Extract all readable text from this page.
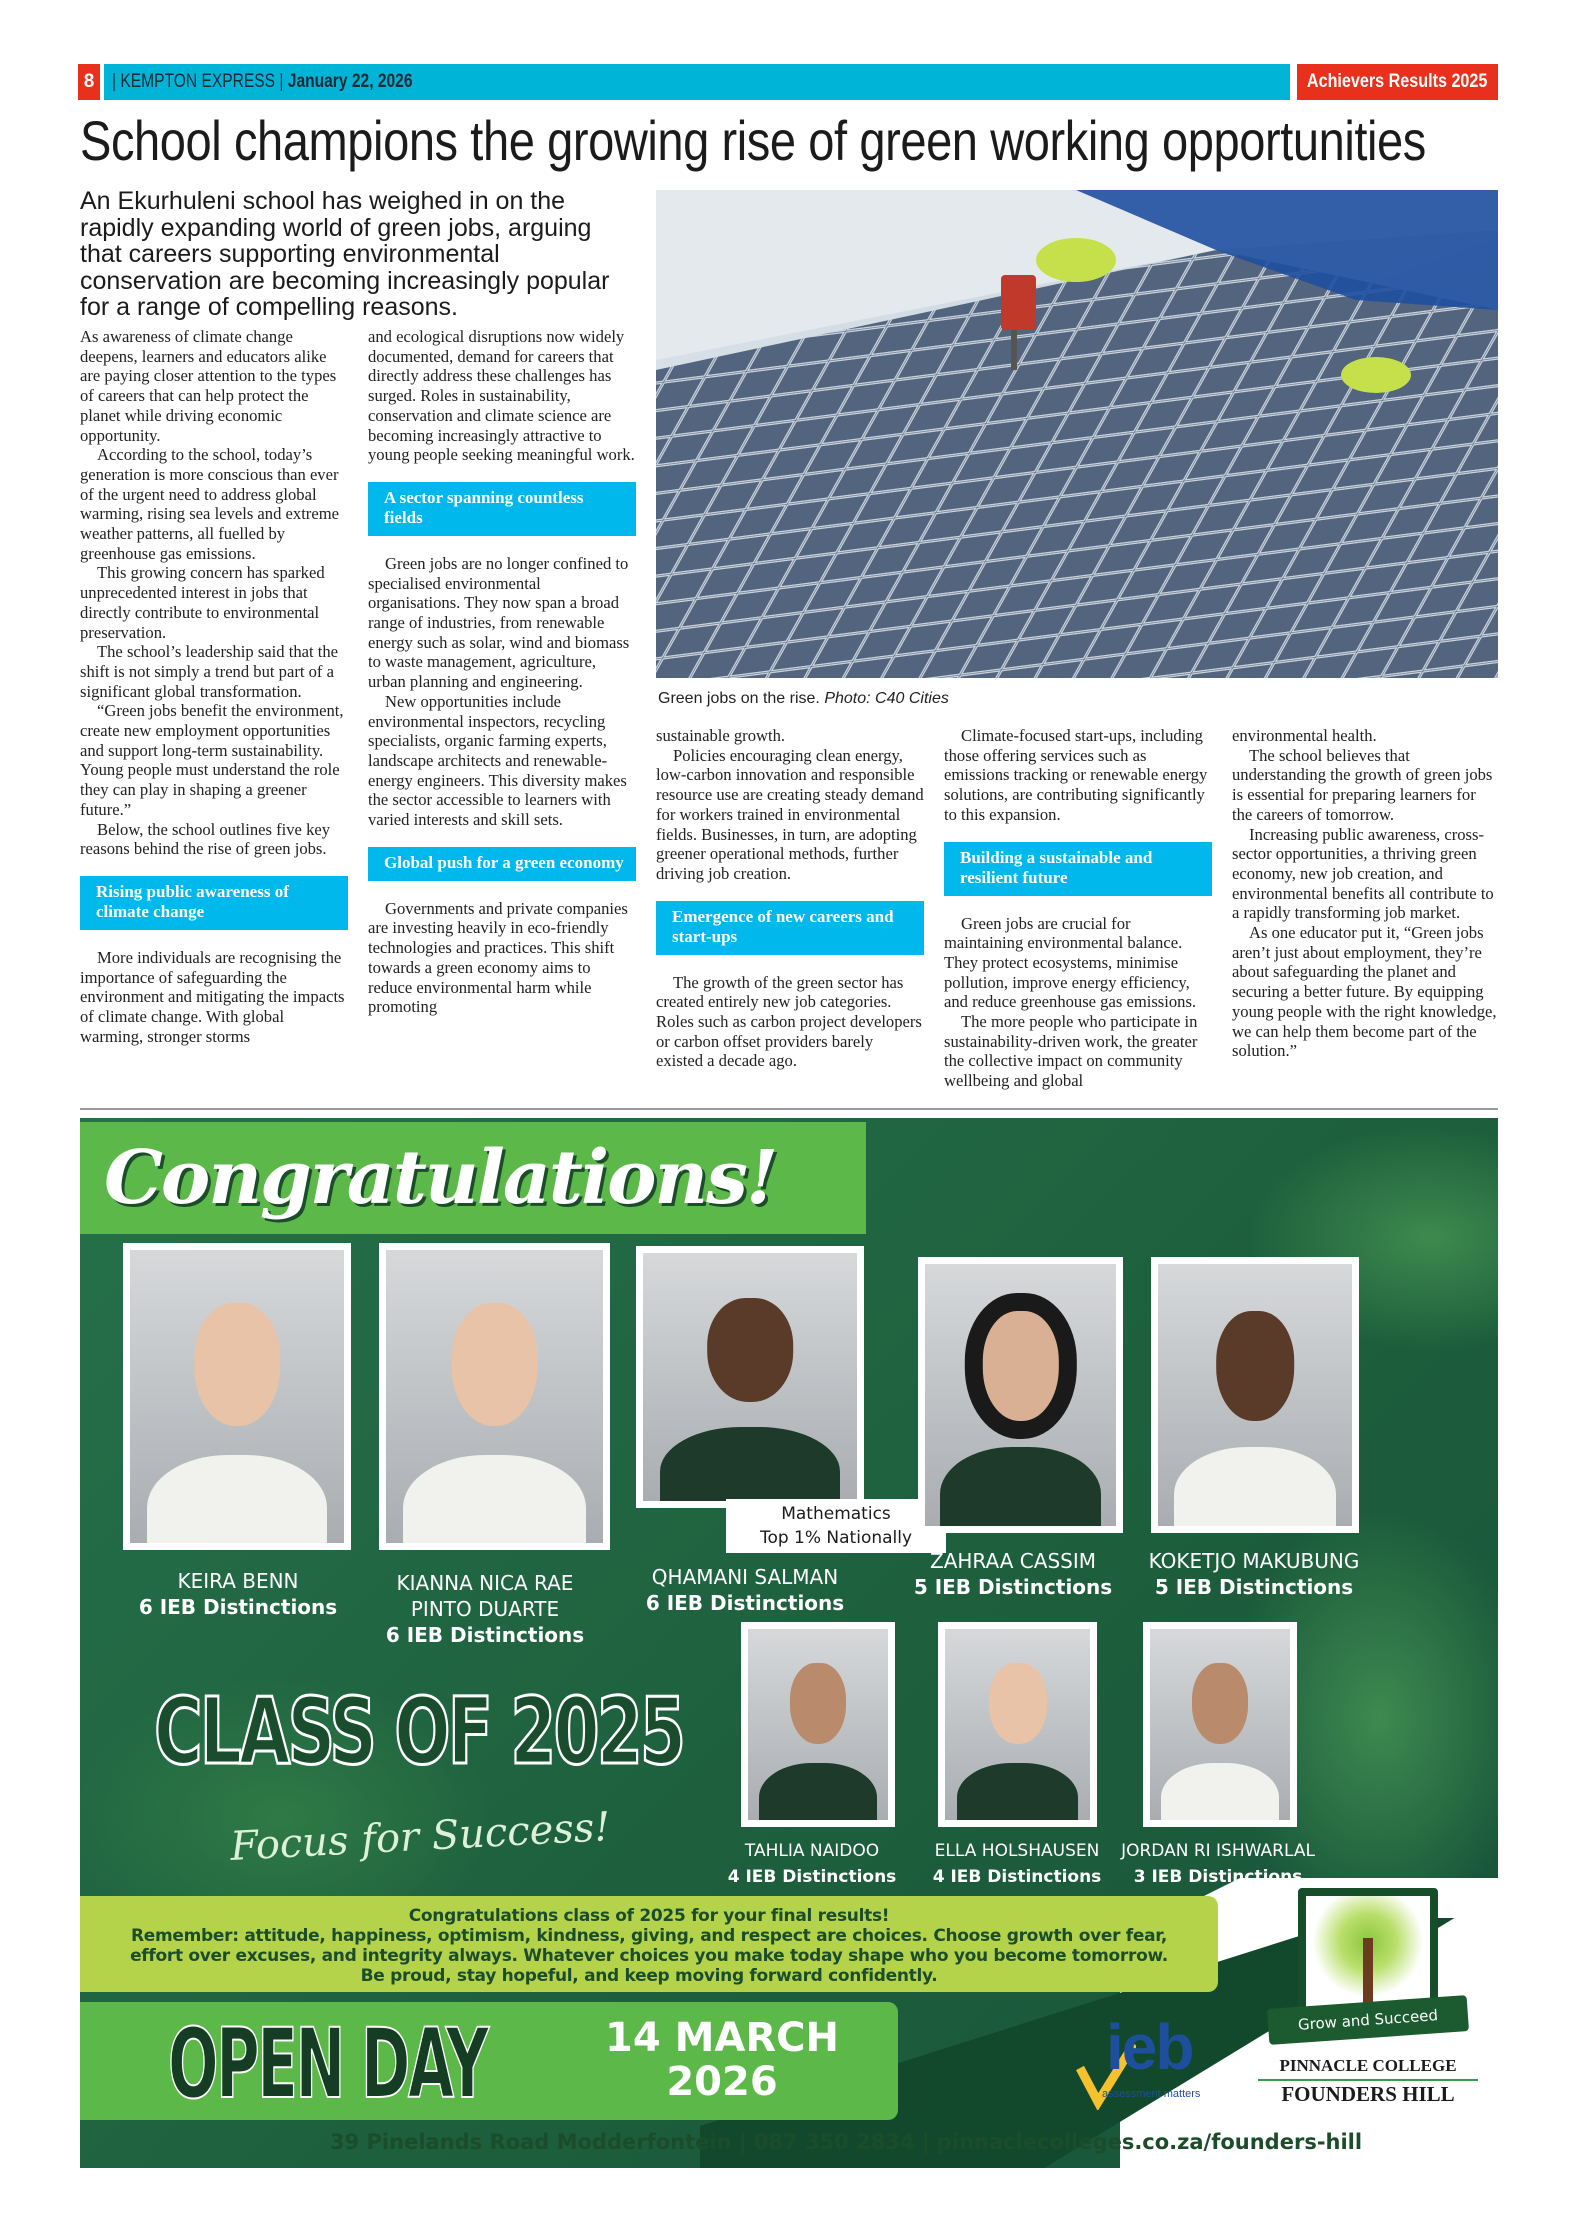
8 | KEMPTON EXPRESS | January 22, 2026	Achievers Results 2025
School champions the growing rise of green working opportunities

An Ekurhuleni school has weighed in on the rapidly expanding world of green jobs, arguing that careers supporting environmental conservation are becoming increasingly popular for a range of compelling reasons.

Green jobs on the rise. Photo: C40 Cities

As awareness of climate change deepens, learners and educators alike are paying closer attention to the types of careers that can help protect the planet while driving economic opportunity.

According to the school, today’s generation is more conscious than ever of the urgent need to address global warming, rising sea levels and extreme weather patterns, all fuelled by greenhouse gas emissions.

This growing concern has sparked unprecedented interest in jobs that directly contribute to environmental preservation.

The school’s leadership said that the shift is not simply a trend but part of a significant global transformation.

“Green jobs benefit the environment, create new employment opportunities and support long-term sustainability. Young people must understand the role they can play in shaping a greener future.”

Below, the school outlines five key reasons behind the rise of green jobs.

Rising public awareness of climate change

More individuals are recognising the importance of safeguarding the environment and mitigating the impacts of climate change. With global warming, stronger storms

and ecological disruptions now widely documented, demand for careers that directly address these challenges has surged. Roles in sustainability, conservation and climate science are becoming increasingly attractive to young people seeking meaningful work.

A sector spanning countless fields

Green jobs are no longer confined to specialised environmental organisations. They now span a broad range of industries, from renewable energy such as solar, wind and biomass to waste management, agriculture, urban planning and engineering.

New opportunities include environmental inspectors, recycling specialists, organic farming experts, landscape architects and renewable-energy engineers. This diversity makes the sector accessible to learners with varied interests and skill sets.

Global push for a green economy

Governments and private companies are investing heavily in eco-friendly technologies and practices. This shift towards a green economy aims to reduce environmental harm while promoting

sustainable growth.

Policies encouraging clean energy, low-carbon innovation and responsible resource use are creating steady demand for workers trained in environmental fields. Businesses, in turn, are adopting greener operational methods, further driving job creation.

Emergence of new careers and start-ups

The growth of the green sector has created entirely new job categories. Roles such as carbon project developers or carbon offset providers barely existed a decade ago.

Climate-focused start-ups, including those offering services such as emissions tracking or renewable energy solutions, are contributing significantly to this expansion.

Building a sustainable and resilient future

Green jobs are crucial for maintaining environmental balance. They protect ecosystems, minimise pollution, improve energy efficiency, and reduce greenhouse gas emissions.

The more people who participate in sustainability-driven work, the greater the collective impact on community wellbeing and global

environmental health.

The school believes that understanding the growth of green jobs is essential for preparing learners for the careers of tomorrow.

Increasing public awareness, cross-sector opportunities, a thriving green economy, new job creation, and environmental benefits all contribute to a rapidly transforming job market.

As one educator put it, “Green jobs aren’t just about employment, they’re about safeguarding the planet and securing a better future. By equipping young people with the right knowledge, we can help them become part of the solution.”

Congratulations!
Mathematics
Top 1% Nationally
KEIRA BENN
6 IEB Distinctions
KIANNA NICA RAE
PINTO DUARTE
6 IEB Distinctions
QHAMANI SALMAN
6 IEB Distinctions
ZAHRAA CASSIM
5 IEB Distinctions
KOKETJO MAKUBUNG
5 IEB Distinctions
CLASS OF 2025
Focus for Success!	TAHLIA NAIDOO
4 IEB Distinctions
ELLA HOLSHAUSEN
4 IEB Distinctions
JORDAN RI ISHWARLAL
3 IEB Distinctions
Congratulations class of 2025 for your final results!
Remember: attitude, happiness, optimism, kindness, giving, and respect are choices. Choose growth over fear,
effort over excuses, and integrity always. Whatever choices you make today shape who you become tomorrow.
Be proud, stay hopeful, and keep moving forward confidently.
OPEN DAY	14 MARCH
2026
39 Pinelands Road Modderfontein | 087 350 2834 | pinnaclecolleges.co.za/founders-hill
ieb
assessment matters
Grow and Succeed
PINNACLE COLLEGE
FOUNDERS HILL
